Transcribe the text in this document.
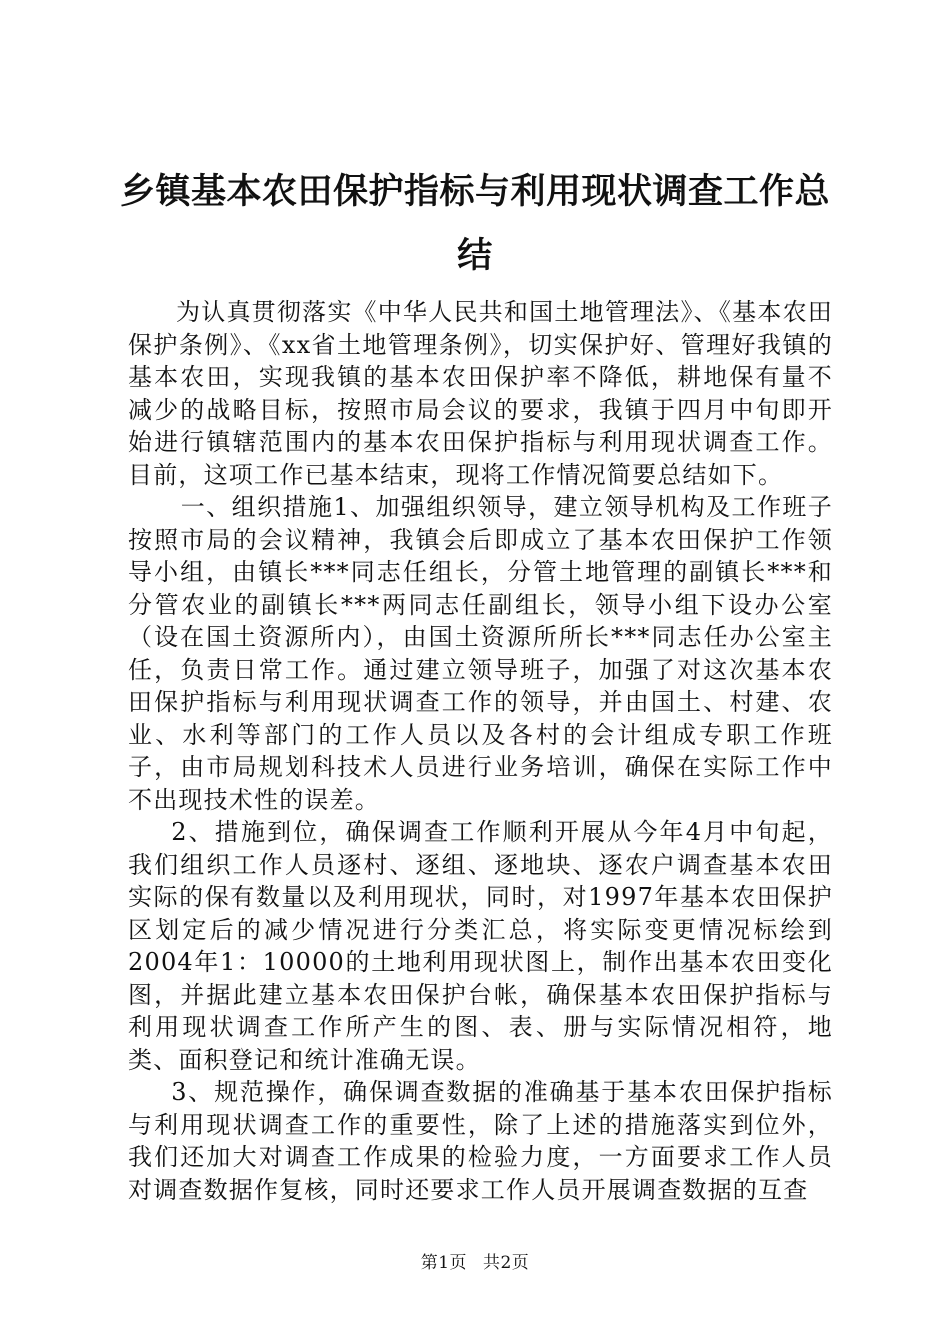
乡镇基本农田保护指标与利用现状调查工作总结

为认真贯彻落实《中华人民共和国土地管理法》、《基本农田保护条例》、《xx省土地管理条例》，切实保护好、管理好我镇的基本农田，实现我镇的基本农田保护率不降低，耕地保有量不减少的战略目标，按照市局会议的要求，我镇于四月中旬即开始进行镇辖范围内的基本农田保护指标与利用现状调查工作。目前，这项工作已基本结束，现将工作情况简要总结如下。

一、组织措施1、加强组织领导，建立领导机构及工作班子按照市局的会议精神，我镇会后即成立了基本农田保护工作领导小组，由镇长***同志任组长，分管土地管理的副镇长***和分管农业的副镇长***两同志任副组长，领导小组下设办公室（设在国土资源所内），由国土资源所所长***同志任办公室主任，负责日常工作。通过建立领导班子，加强了对这次基本农田保护指标与利用现状调查工作的领导，并由国土、村建、农业、水利等部门的工作人员以及各村的会计组成专职工作班子，由市局规划科技术人员进行业务培训，确保在实际工作中不出现技术性的误差。

2、措施到位，确保调查工作顺利开展从今年4月中旬起，我们组织工作人员逐村、逐组、逐地块、逐农户调查基本农田实际的保有数量以及利用现状，同时，对1997年基本农田保护区划定后的减少情况进行分类汇总，将实际变更情况标绘到2004年1：10000的土地利用现状图上，制作出基本农田变化图，并据此建立基本农田保护台帐，确保基本农田保护指标与利用现状调查工作所产生的图、表、册与实际情况相符，地类、面积登记和统计准确无误。

3、规范操作，确保调查数据的准确基于基本农田保护指标与利用现状调查工作的重要性，除了上述的措施落实到位外，我们还加大对调查工作成果的检验力度，一方面要求工作人员对调查数据作复核，同时还要求工作人员开展调查数据的互查

第1页 共2页
